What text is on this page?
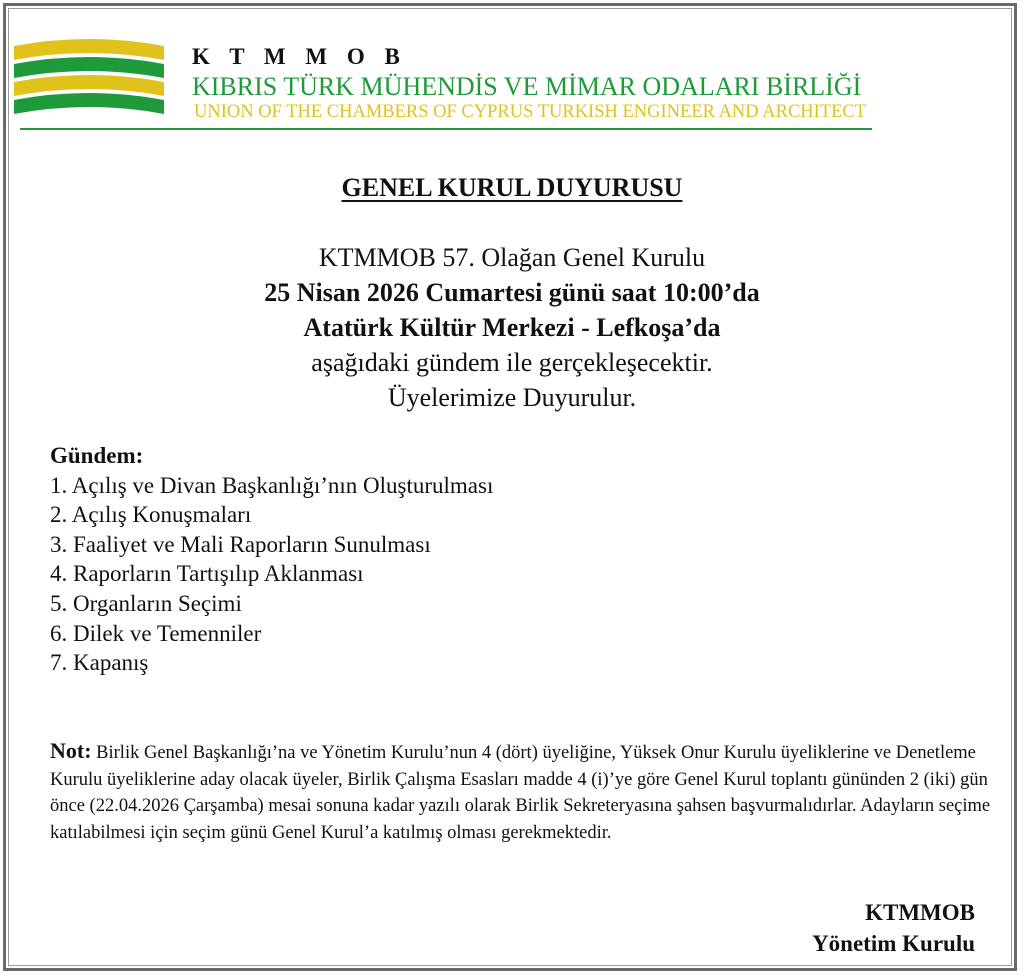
K T M M O B
KIBRIS TÜRK MÜHENDİS VE MİMAR ODALARI BİRLİĞİ
UNION OF THE CHAMBERS OF CYPRUS TURKISH ENGINEER AND ARCHITECT
GENEL KURUL DUYURUSU
KTMMOB 57. Olağan Genel Kurulu
25 Nisan 2026 Cumartesi günü saat 10:00’da
Atatürk Kültür Merkezi - Lefkoşa’da
aşağıdaki gündem ile gerçekleşecektir.
Üyelerimize Duyurulur.
Gündem:
1. Açılış ve Divan Başkanlığı’nın Oluşturulması
2. Açılış Konuşmaları
3. Faaliyet ve Mali Raporların Sunulması
4. Raporların Tartışılıp Aklanması
5. Organların Seçimi
6. Dilek ve Temenniler
7. Kapanış
Not: Birlik Genel Başkanlığı’na ve Yönetim Kurulu’nun 4 (dört) üyeliğine, Yüksek Onur Kurulu üyeliklerine ve Denetleme Kurulu üyeliklerine aday olacak üyeler, Birlik Çalışma Esasları madde 4 (i)’ye göre Genel Kurul toplantı gününden 2 (iki) gün önce (22.04.2026 Çarşamba) mesai sonuna kadar yazılı olarak Birlik Sekreteryasına şahsen başvurmalıdırlar. Adayların seçime katılabilmesi için seçim günü Genel Kurul’a katılmış olması gerekmektedir.
KTMMOB
Yönetim Kurulu
